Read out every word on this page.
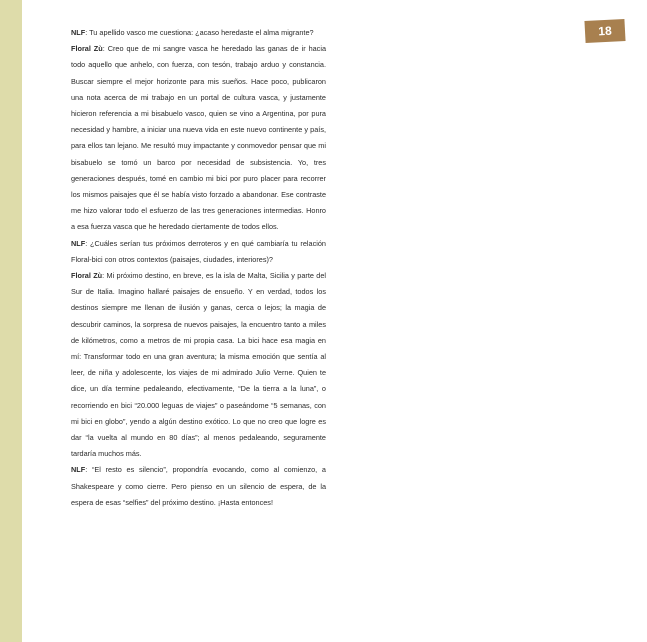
18

NLF: Tu apellido vasco me cuestiona: ¿acaso heredaste el alma migrante?

Floral Zù: Creo que de mi sangre vasca he heredado las ganas de ir hacia todo aquello que anhelo, con fuerza, con tesón, trabajo arduo y constancia. Buscar siempre el mejor horizonte para mis sueños. Hace poco, publicaron una nota acerca de mi trabajo en un portal de cultura vasca, y justamente hicieron referencia a mi bisabuelo vasco, quien se vino a Argentina, por pura necesidad y hambre, a iniciar una nueva vida en este nuevo continente y país, para ellos tan lejano. Me resultó muy impactante y conmovedor pensar que mi bisabuelo se tomó un barco por necesidad de subsistencia. Yo, tres generaciones después, tomé en cambio mi bici por puro placer para recorrer los mismos paisajes que él se había visto forzado a abandonar. Ese contraste me hizo valorar todo el esfuerzo de las tres generaciones intermedias. Honro a esa fuerza vasca que he heredado ciertamente de todos ellos.

NLF: ¿Cuáles serían tus próximos derroteros y en qué cambiaría tu relación Floral-bici con otros contextos (paisajes, ciudades, interiores)?

Floral Zù: Mi próximo destino, en breve, es la isla de Malta, Sicilia y parte del Sur de Italia. Imagino hallaré paisajes de ensueño. Y en verdad, todos los destinos siempre me llenan de ilusión y ganas, cerca o lejos; la magia de descubrir caminos, la sorpresa de nuevos paisajes, la encuentro tanto a miles de kilómetros, como a metros de mi propia casa. La bici hace esa magia en mí: Transformar todo en una gran aventura; la misma emoción que sentía al leer, de niña y adolescente, los viajes de mi admirado Julio Verne. Quien te dice, un día termine pedaleando, efectivamente, “De la tierra a la luna”, o recorriendo en bici “20.000 leguas de viajes” o paseándome “5 semanas, con mi bici en globo”, yendo a algún destino exótico. Lo que no creo que logre es dar “la vuelta al mundo en 80 días”; al menos pedaleando, seguramente tardaría muchos más.

NLF: “El resto es silencio”, propondría evocando, como al comienzo, a Shakespeare y como cierre. Pero pienso en un silencio de espera, de la espera de esas “selfies” del próximo destino. ¡Hasta entonces!
